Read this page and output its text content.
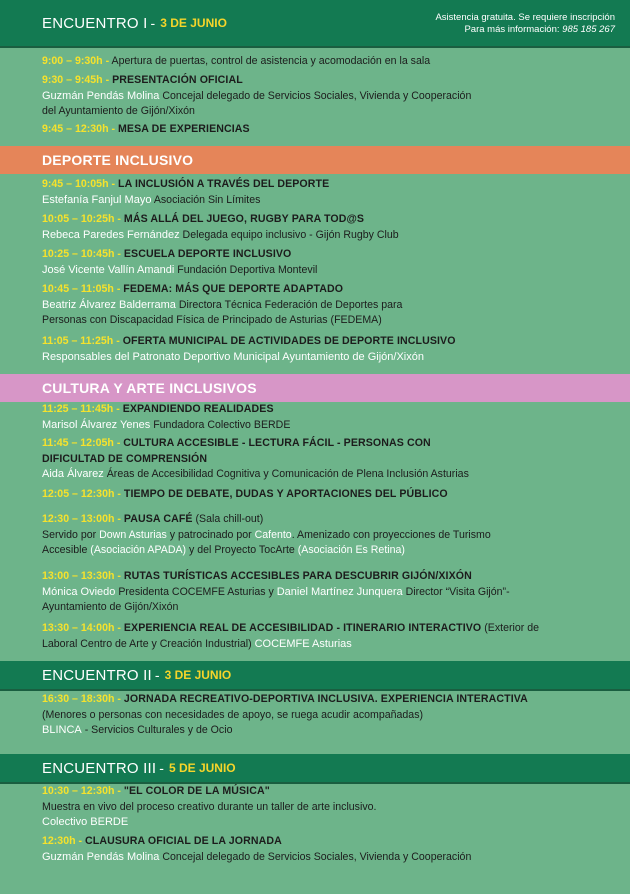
ENCUENTRO I - 3 DE JUNIO	Asistencia gratuita. Se requiere inscripción
Para más información: 985 185 267
9:00 – 9:30h - Apertura de puertas, control de asistencia y acomodación en la sala
9:30 – 9:45h - PRESENTACIÓN OFICIAL
Guzmán Pendás Molina Concejal delegado de Servicios Sociales, Vivienda y Cooperación
del Ayuntamiento de Gijón/Xixón
9:45 – 12:30h - MESA DE EXPERIENCIAS
DEPORTE INCLUSIVO
9:45 – 10:05h - LA INCLUSIÓN A TRAVÉS DEL DEPORTE
Estefanía Fanjul Mayo Asociación Sin Límites
10:05 – 10:25h - MÁS ALLÁ DEL JUEGO, RUGBY PARA TOD@S
Rebeca Paredes Fernández Delegada equipo inclusivo - Gijón Rugby Club
10:25 – 10:45h - ESCUELA DEPORTE INCLUSIVO
José Vicente Vallín Amandi Fundación Deportiva Montevil
10:45 – 11:05h - FEDEMA: MÁS QUE DEPORTE ADAPTADO
Beatriz Álvarez Balderrama Directora Técnica Federación de Deportes para
Personas con Discapacidad Física de Principado de Asturias (FEDEMA)
11:05 – 11:25h - OFERTA MUNICIPAL DE ACTIVIDADES DE DEPORTE INCLUSIVO
Responsables del Patronato Deportivo Municipal Ayuntamiento de Gijón/Xixón
CULTURA Y ARTE INCLUSIVOS
11:25 – 11:45h - EXPANDIENDO REALIDADES
Marisol Álvarez Yenes Fundadora Colectivo BERDE
11:45 – 12:05h - CULTURA ACCESIBLE - LECTURA FÁCIL - PERSONAS CON
DIFICULTAD DE COMPRENSIÓN
Aida Álvarez Áreas de Accesibilidad Cognitiva y Comunicación de Plena Inclusión Asturias
12:05 – 12:30h - TIEMPO DE DEBATE, DUDAS Y APORTACIONES DEL PÚBLICO
12:30 – 13:00h - PAUSA CAFÉ (Sala chill-out)
Servido por Down Asturias y patrocinado por Cafento. Amenizado con proyecciones de Turismo
Accesible (Asociación APADA) y del Proyecto TocArte (Asociación Es Retina)
13:00 – 13:30h - RUTAS TURÍSTICAS ACCESIBLES PARA DESCUBRIR GIJÓN/XIXÓN
Mónica Oviedo Presidenta COCEMFE Asturias y Daniel Martínez Junquera Director “Visita Gijón”-
Ayuntamiento de Gijón/Xixón
13:30 – 14:00h - EXPERIENCIA REAL DE ACCESIBILIDAD - ITINERARIO INTERACTIVO (Exterior de
Laboral Centro de Arte y Creación Industrial) COCEMFE Asturias
ENCUENTRO II - 3 DE JUNIO
16:30 – 18:30h - JORNADA RECREATIVO-DEPORTIVA INCLUSIVA. EXPERIENCIA INTERACTIVA
(Menores o personas con necesidades de apoyo, se ruega acudir acompañadas)
BLINCA - Servicios Culturales y de Ocio
ENCUENTRO III - 5 DE JUNIO
10:30 – 12:30h - "EL COLOR DE LA MÚSICA"
Muestra en vivo del proceso creativo durante un taller de arte inclusivo.
Colectivo BERDE
12:30h - CLAUSURA OFICIAL DE LA JORNADA
Guzmán Pendás Molina Concejal delegado de Servicios Sociales, Vivienda y Cooperación
